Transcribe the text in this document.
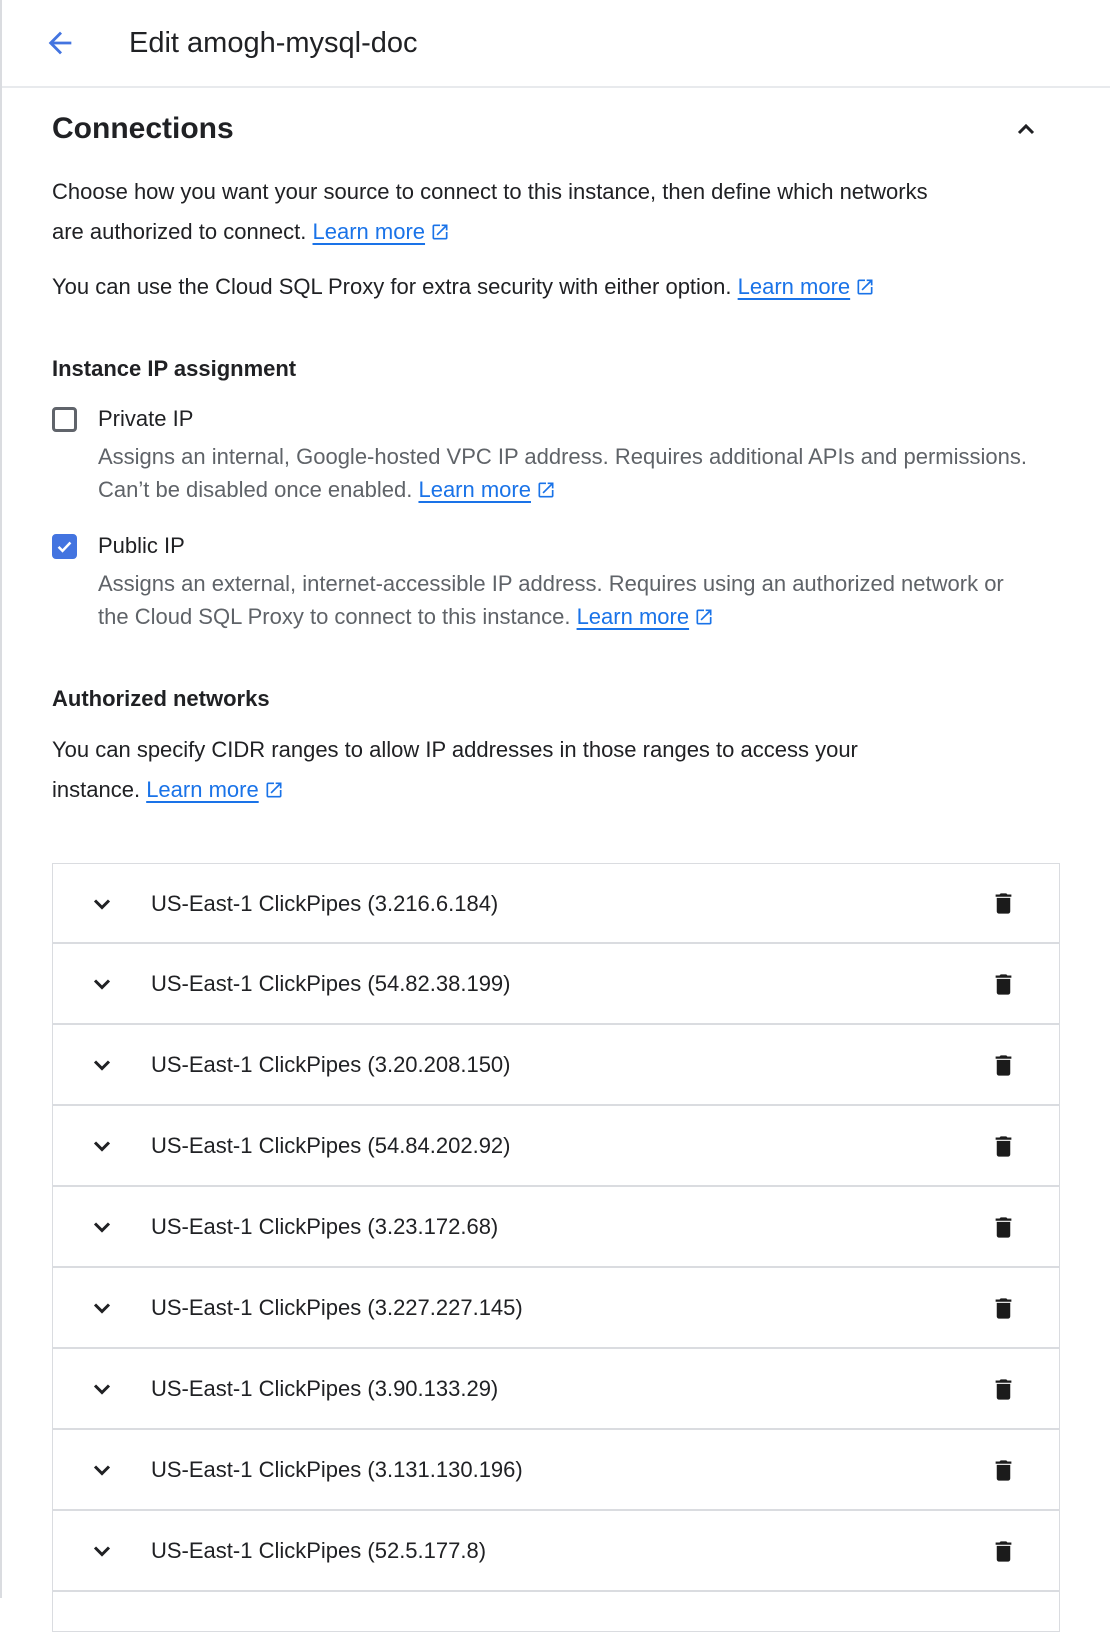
Edit amogh-mysql-doc
Connections

Choose how you want your source to connect to this instance, then define which networks are authorized to connect. Learn more

You can use the Cloud SQL Proxy for extra security with either option. Learn more

Instance IP assignment
Private IP

Assigns an internal, Google-hosted VPC IP address. Requires additional APIs and permissions. Can’t be disabled once enabled. Learn more

Public IP

Assigns an external, internet-accessible IP address. Requires using an authorized network or the Cloud SQL Proxy to connect to this instance. Learn more

Authorized networks

You can specify CIDR ranges to allow IP addresses in those ranges to access your instance. Learn more

US-East-1 ClickPipes (3.216.6.184)
US-East-1 ClickPipes (54.82.38.199)
US-East-1 ClickPipes (3.20.208.150)
US-East-1 ClickPipes (54.84.202.92)
US-East-1 ClickPipes (3.23.172.68)
US-East-1 ClickPipes (3.227.227.145)
US-East-1 ClickPipes (3.90.133.29)
US-East-1 ClickPipes (3.131.130.196)
US-East-1 ClickPipes (52.5.177.8)
